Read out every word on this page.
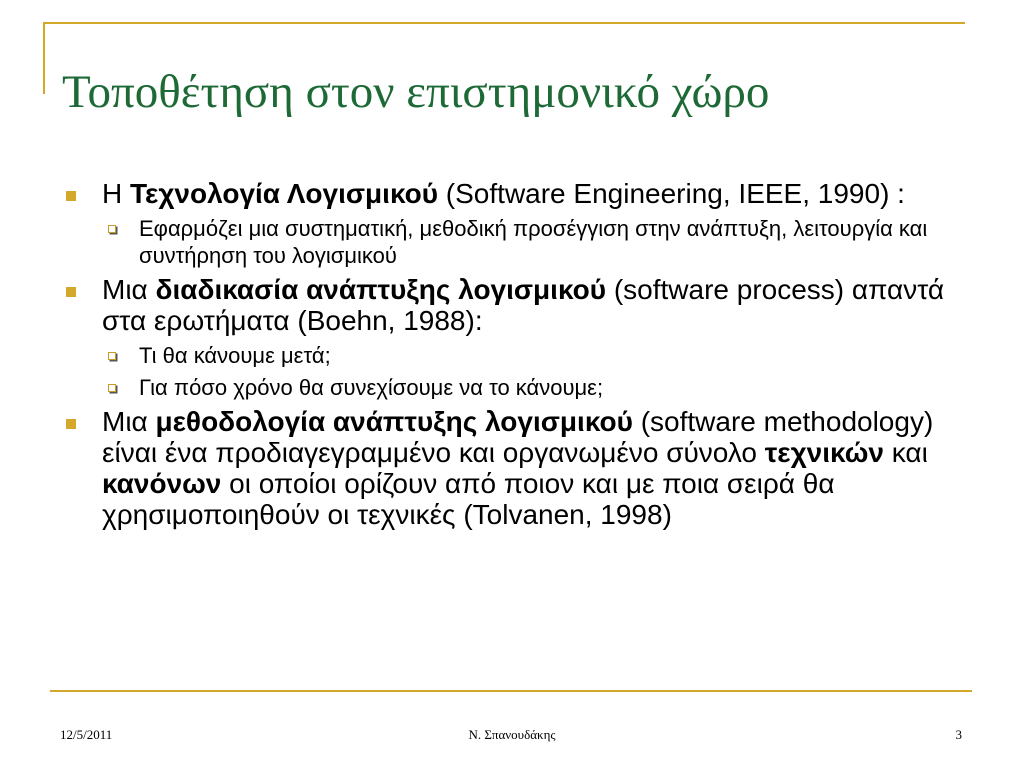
Τοποθέτηση στον επιστημονικό χώρο
Η Τεχνολογία Λογισμικού (Software Engineering, IEEE, 1990) :
Εφαρμόζει μια συστηματική, μεθοδική προσέγγιση στην ανάπτυξη, λειτουργία και συντήρηση του λογισμικού
Μια διαδικασία ανάπτυξης λογισμικού (software process) απαντά στα ερωτήματα (Boehn, 1988):
Τι θα κάνουμε μετά;
Για πόσο χρόνο θα συνεχίσουμε να το κάνουμε;
Μια μεθοδολογία ανάπτυξης λογισμικού (software methodology) είναι ένα προδιαγεγραμμένο και οργανωμένο σύνολο τεχνικών και κανόνων οι οποίοι ορίζουν από ποιον και με ποια σειρά θα χρησιμοποιηθούν οι τεχνικές (Tolvanen, 1998)
12/5/2011	Ν. Σπανουδάκης	3
